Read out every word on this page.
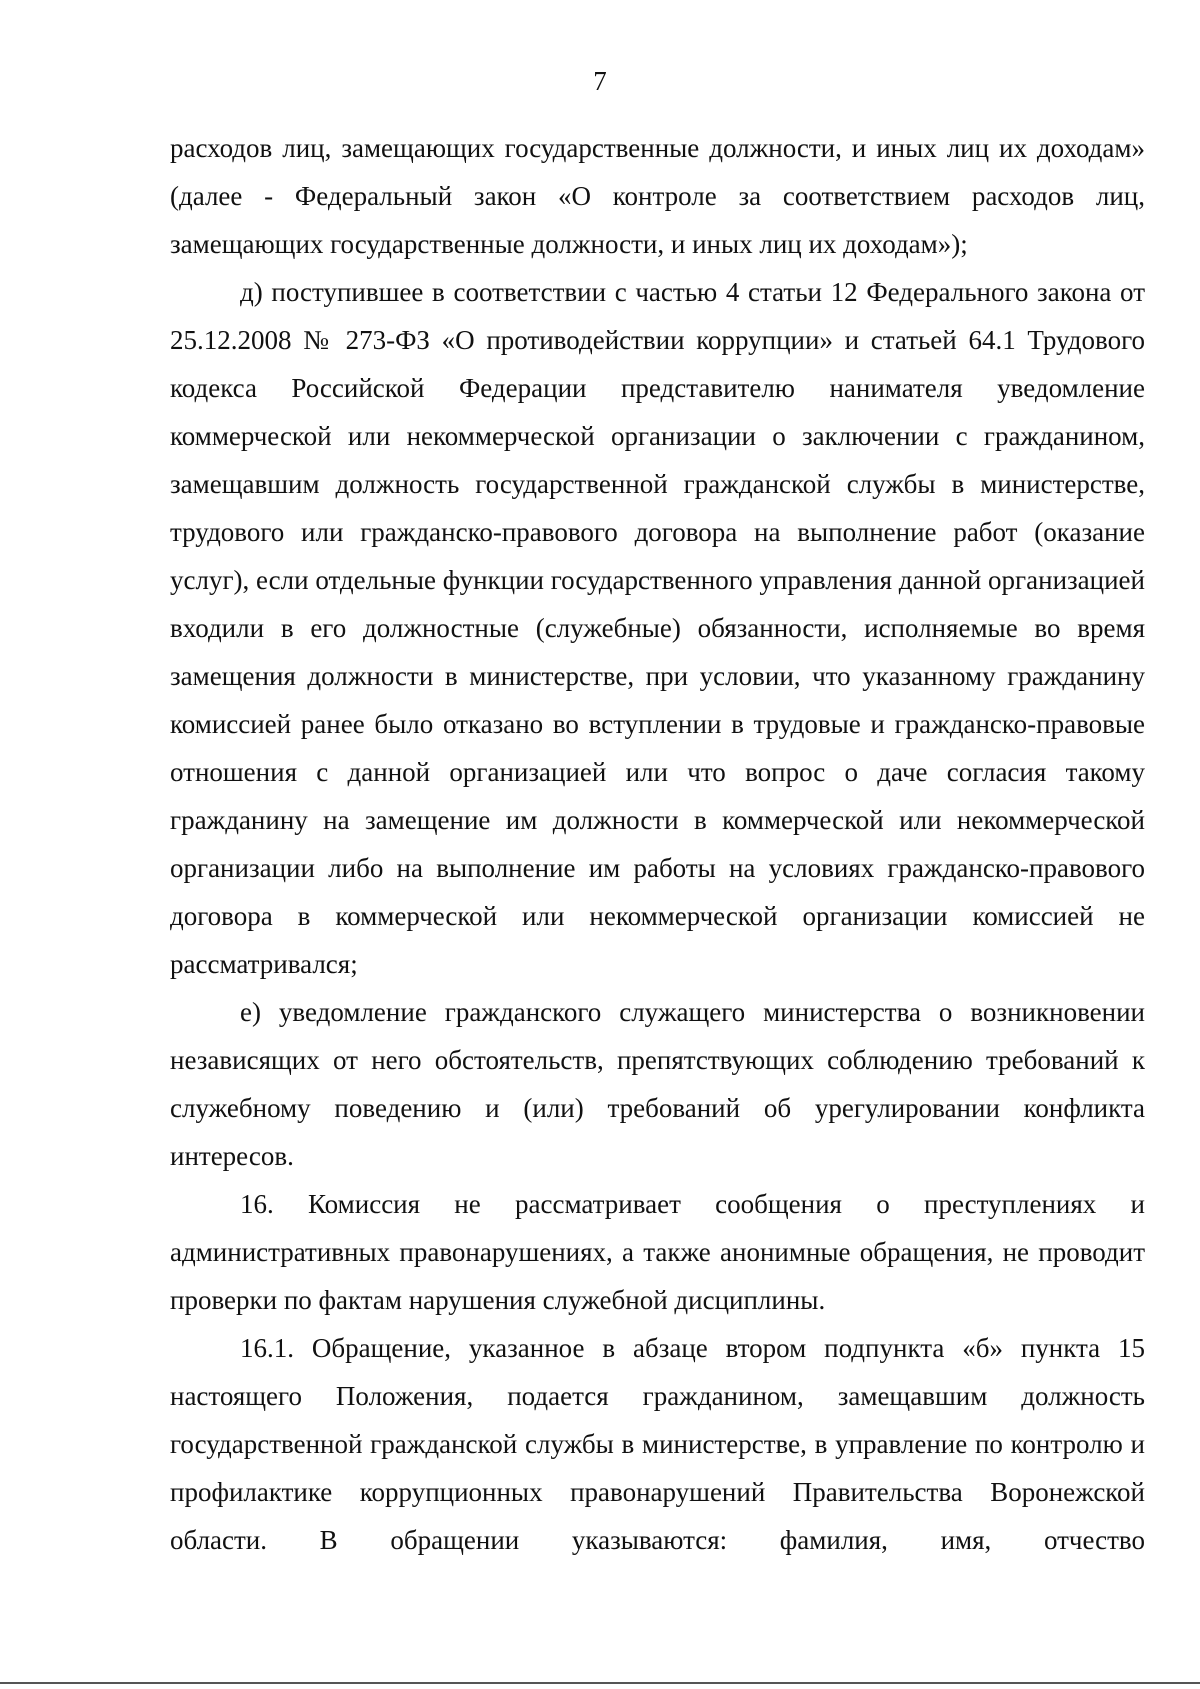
7

расходов лиц, замещающих государственные должности, и иных лиц их доходам» (далее - Федеральный закон «О контроле за соответствием расходов лиц, замещающих государственные должности, и иных лиц их доходам»);

д) поступившее в соответствии с частью 4 статьи 12 Федерального закона от 25.12.2008 № 273-ФЗ «О противодействии коррупции» и статьей 64.1 Трудового кодекса Российской Федерации представителю нанимателя уведомление коммерческой или некоммерческой организации о заключении с гражданином, замещавшим должность государственной гражданской службы в министерстве, трудового или гражданско-правового договора на выполнение работ (оказание услуг), если отдельные функции государственного управления данной организацией входили в его должностные (служебные) обязанности, исполняемые во время замещения должности в министерстве, при условии, что указанному гражданину комиссией ранее было отказано во вступлении в трудовые и гражданско-правовые отношения с данной организацией или что вопрос о даче согласия такому гражданину на замещение им должности в коммерческой или некоммерческой организации либо на выполнение им работы на условиях гражданско-правового договора в коммерческой или некоммерческой организации комиссией не рассматривался;

е) уведомление гражданского служащего министерства о возникновении независящих от него обстоятельств, препятствующих соблюдению требований к служебному поведению и (или) требований об урегулировании конфликта интересов.

16. Комиссия не рассматривает сообщения о преступлениях и административных правонарушениях, а также анонимные обращения, не проводит проверки по фактам нарушения служебной дисциплины.

16.1. Обращение, указанное в абзаце втором подпункта «б» пункта 15 настоящего Положения, подается гражданином, замещавшим должность государственной гражданской службы в министерстве, в управление по контролю и профилактике коррупционных правонарушений Правительства Воронежской области. В обращении указываются: фамилия, имя, отчество
